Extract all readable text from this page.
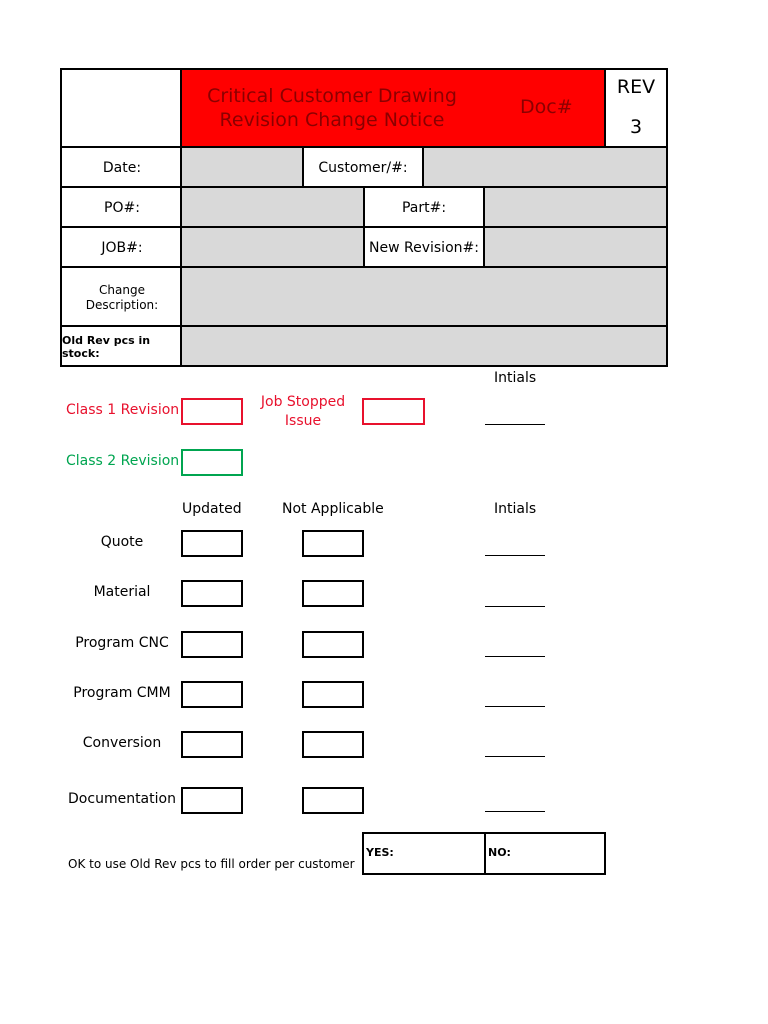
Critical Customer Drawing
Revision Change Notice
Doc#
REV
3
Date:	Customer/#:
PO#:	Part#:
JOB#:	New Revision#:
Change Description:
Old Rev pcs in stock:
Intials
Class 1 Revision	Job Stopped Issue
Class 2 Revision
Updated	Not Applicable	Intials
Quote
Material
Program CNC
Program CMM
Conversion
Documentation
OK to use Old Rev pcs to fill order per customer
YES:	NO:
